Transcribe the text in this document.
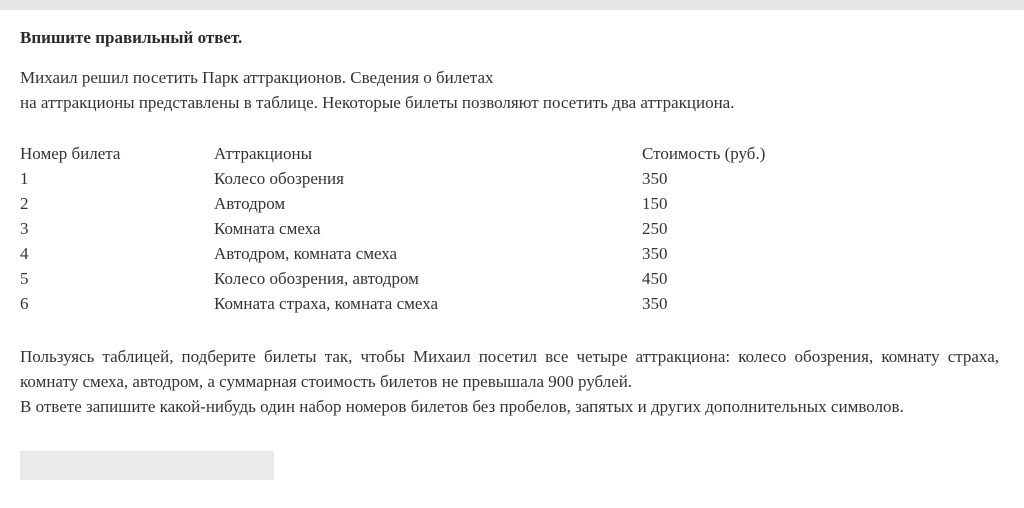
Впишите правильный ответ.

Михаил решил посетить Парк аттракционов. Сведения о билетах
на аттракционы представлены в таблице. Некоторые билеты позволяют посетить два аттракциона.

Номер билета	Аттракционы	Стоимость (руб.)
1	Колесо обозрения	350
2	Автодром	150
3	Комната смеха	250
4	Автодром, комната смеха	350
5	Колесо обозрения, автодром	450
6	Комната страха, комната смеха	350

Пользуясь таблицей, подберите билеты так, чтобы Михаил посетил все четыре аттракциона: колесо обозрения, комнату страха, комнату смеха, автодром, а суммарная стоимость билетов не превышала 900 рублей.

В ответе запишите какой-нибудь один набор номеров билетов без пробелов, запятых и других дополнительных символов.
